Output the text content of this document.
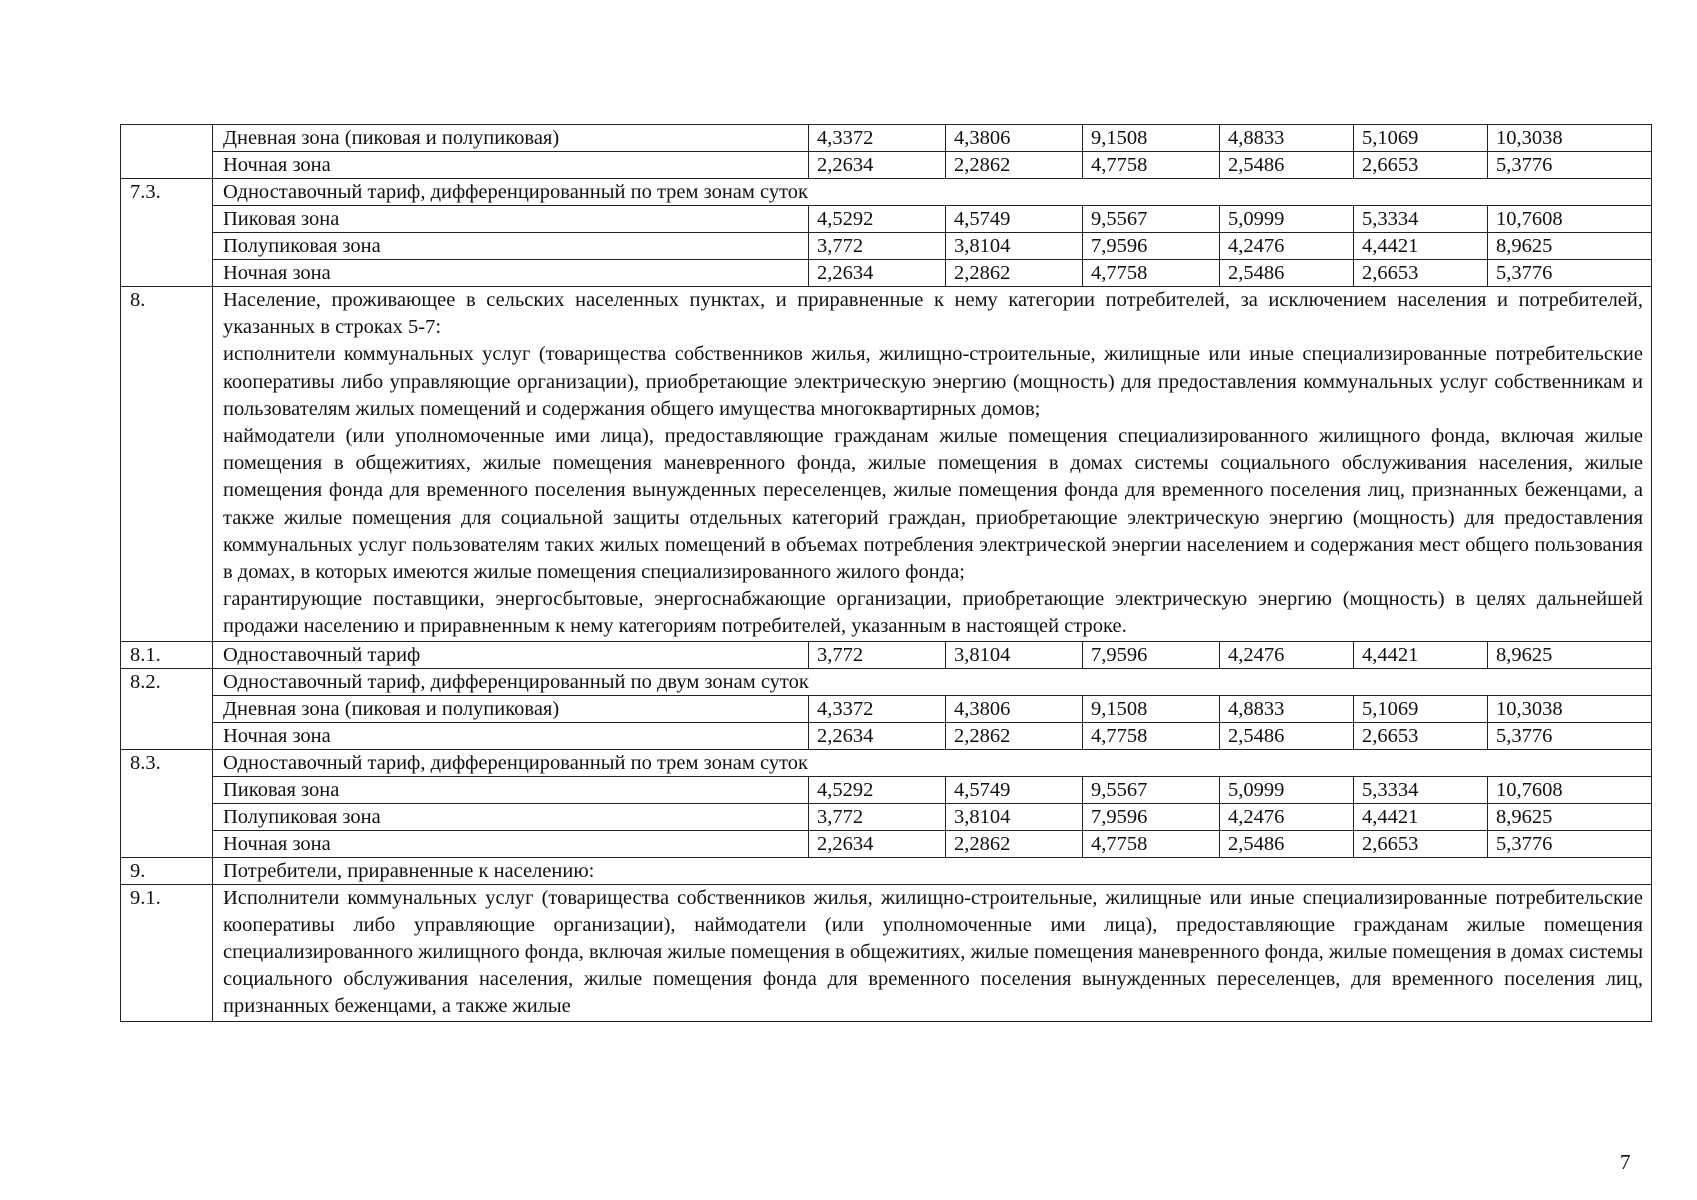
	Дневная зона (пиковая и полупиковая)	4,3372	4,3806	9,1508	4,8833	5,1069	10,3038
	Ночная зона	2,2634	2,2862	4,7758	2,5486	2,6653	5,3776
7.3.	Одноставочный тариф, дифференцированный по трем зонам суток						
	Пиковая зона	4,5292	4,5749	9,5567	5,0999	5,3334	10,7608
	Полупиковая зона	3,772	3,8104	7,9596	4,2476	4,4421	8,9625
	Ночная зона	2,2634	2,2862	4,7758	2,5486	2,6653	5,3776
8.	Население, проживающее в сельских населенных пунктах, и приравненные к нему категории потребителей, за исключением населения и потребителей, указанных в строках 5-7:
исполнители коммунальных услуг (товарищества собственников жилья, жилищно-строительные, жилищные или иные специализированные потребительские кооперативы либо управляющие организации), приобретающие электрическую энергию (мощность) для предоставления коммунальных услуг собственникам и пользователям жилых помещений и содержания общего имущества многоквартирных домов;
наймодатели (или уполномоченные ими лица), предоставляющие гражданам жилые помещения специализированного жилищного фонда, включая жилые помещения в общежитиях, жилые помещения маневренного фонда, жилые помещения в домах системы социального обслуживания населения, жилые помещения фонда для временного поселения вынужденных переселенцев, жилые помещения фонда для временного поселения лиц, признанных беженцами, а также жилые помещения для социальной защиты отдельных категорий граждан, приобретающие электрическую энергию (мощность) для предоставления коммунальных услуг пользователям таких жилых помещений в объемах потребления электрической энергии населением и содержания мест общего пользования в домах, в которых имеются жилые помещения специализированного жилого фонда;
гарантирующие поставщики, энергосбытовые, энергоснабжающие организации, приобретающие электрическую энергию (мощность) в целях дальнейшей продажи населению и приравненным к нему категориям потребителей, указанным в настоящей строке.						

8.1.	Одноставочный тариф	3,772	3,8104	7,9596	4,2476	4,4421	8,9625
8.2.	Одноставочный тариф, дифференцированный по двум зонам суток						
	Дневная зона (пиковая и полупиковая)	4,3372	4,3806	9,1508	4,8833	5,1069	10,3038
	Ночная зона	2,2634	2,2862	4,7758	2,5486	2,6653	5,3776
8.3.	Одноставочный тариф, дифференцированный по трем зонам суток						
	Пиковая зона	4,5292	4,5749	9,5567	5,0999	5,3334	10,7608
	Полупиковая зона	3,772	3,8104	7,9596	4,2476	4,4421	8,9625
	Ночная зона	2,2634	2,2862	4,7758	2,5486	2,6653	5,3776
9.	Потребители, приравненные к населению:						
9.1.	Исполнители коммунальных услуг (товарищества собственников жилья, жилищно-строительные, жилищные или иные специализированные потребительские кооперативы либо управляющие организации), наймодатели (или уполномоченные ими лица), предоставляющие гражданам жилые помещения специализированного жилищного фонда, включая жилые помещения в общежитиях, жилые помещения маневренного фонда, жилые помещения в домах системы социального обслуживания населения, жилые помещения фонда для временного поселения вынужденных переселенцев, для временного поселения лиц, признанных беженцами, а также жилые						
7
